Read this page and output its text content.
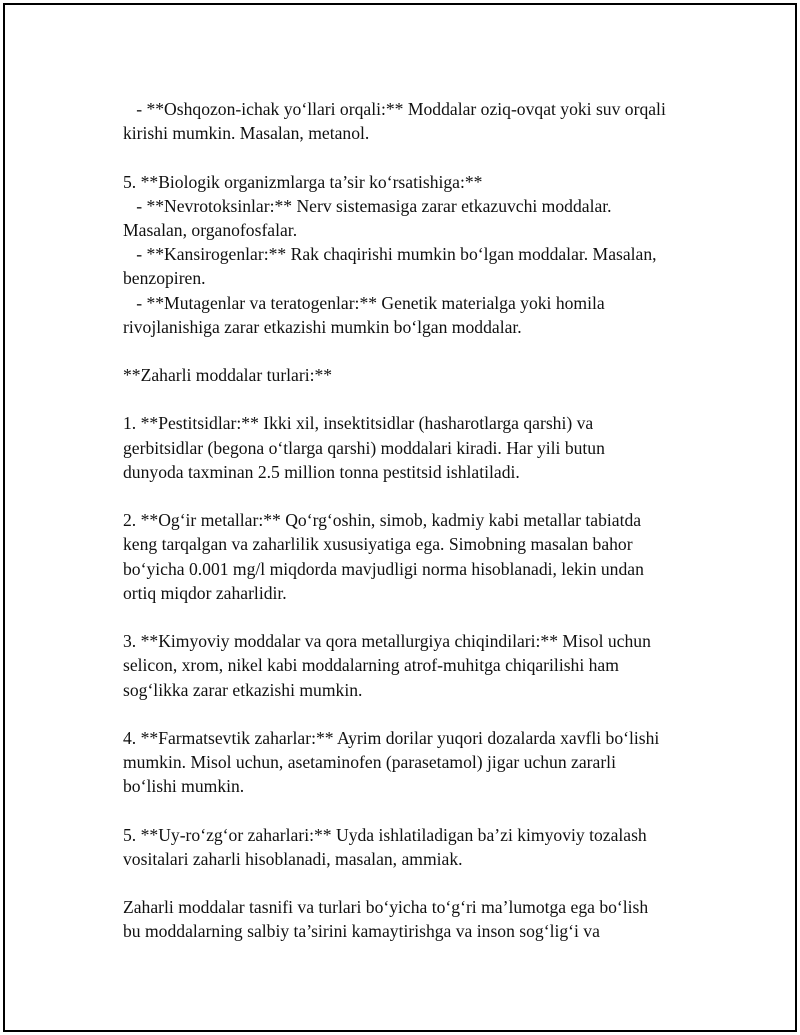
- **Oshqozon-ichak yo‘llari orqali:** Moddalar oziq-ovqat yoki suv orqali
kirishi mumkin. Masalan, metanol.
5. **Biologik organizmlarga ta’sir ko‘rsatishiga:**
- **Nevrotoksinlar:** Nerv sistemasiga zarar etkazuvchi moddalar.
Masalan, organofosfalar.
- **Kansirogenlar:** Rak chaqirishi mumkin bo‘lgan moddalar. Masalan,
benzopiren.
- **Mutagenlar va teratogenlar:** Genetik materialga yoki homila
rivojlanishiga zarar etkazishi mumkin bo‘lgan moddalar.
**Zaharli moddalar turlari:**
1. **Pestitsidlar:** Ikki xil, insektitsidlar (hasharotlarga qarshi) va
gerbitsidlar (begona o‘tlarga qarshi) moddalari kiradi. Har yili butun
dunyoda taxminan 2.5 million tonna pestitsid ishlatiladi.
2. **Og‘ir metallar:** Qo‘rg‘oshin, simob, kadmiy kabi metallar tabiatda
keng tarqalgan va zaharlilik xususiyatiga ega. Simobning masalan bahor
bo‘yicha 0.001 mg/l miqdorda mavjudligi norma hisoblanadi, lekin undan
ortiq miqdor zaharlidir.
3. **Kimyoviy moddalar va qora metallurgiya chiqindilari:** Misol uchun
selicon, xrom, nikel kabi moddalarning atrof-muhitga chiqarilishi ham
sog‘likka zarar etkazishi mumkin.
4. **Farmatsevtik zaharlar:** Ayrim dorilar yuqori dozalarda xavfli bo‘lishi
mumkin. Misol uchun, asetaminofen (parasetamol) jigar uchun zararli
bo‘lishi mumkin.
5. **Uy-ro‘zg‘or zaharlari:** Uyda ishlatiladigan ba’zi kimyoviy tozalash
vositalari zaharli hisoblanadi, masalan, ammiak.
Zaharli moddalar tasnifi va turlari bo‘yicha to‘g‘ri ma’lumotga ega bo‘lish
bu moddalarning salbiy ta’sirini kamaytirishga va inson sog‘lig‘i va
